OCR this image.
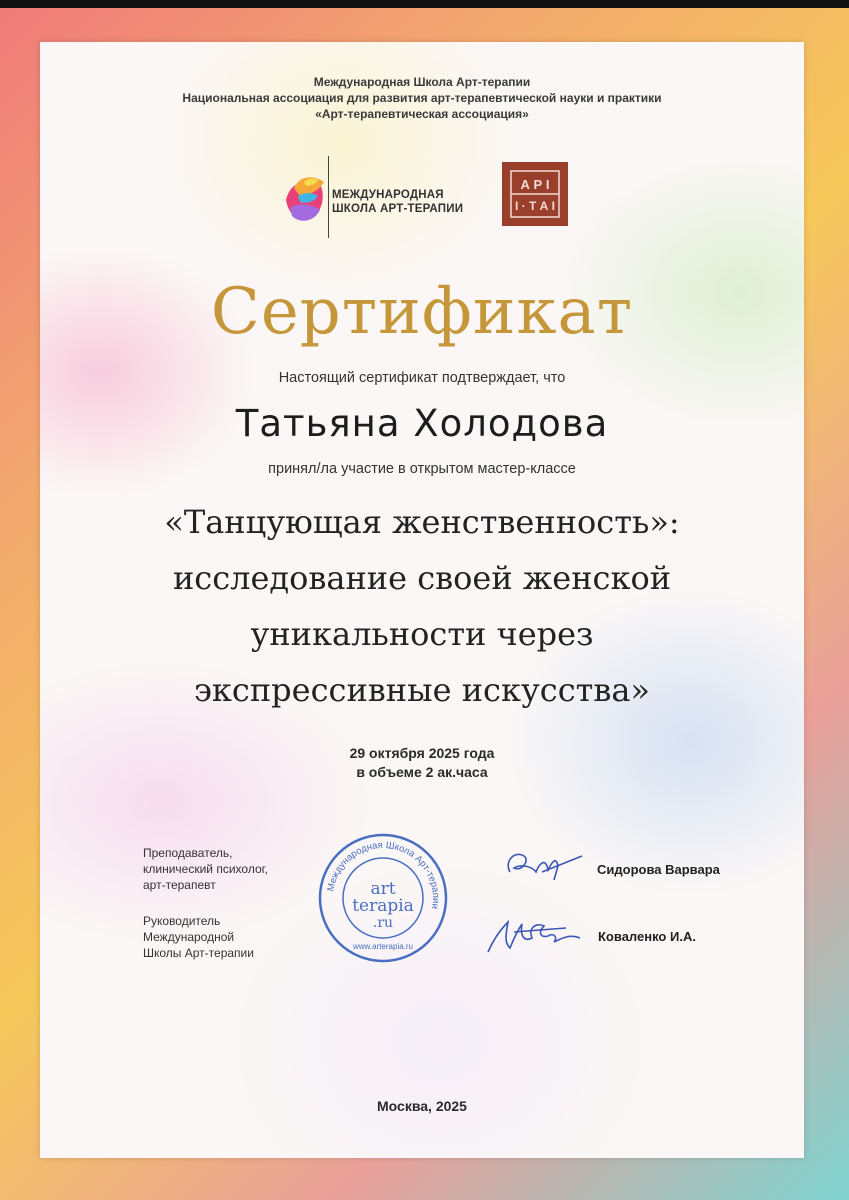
Международная Школа Арт-терапии
Национальная ассоциация для развития арт-терапевтической науки и практики
«Арт-терапевтическая ассоциация»
МЕЖДУНАРОДНАЯ
ШКОЛА АРТ-ТЕРАПИИ
А Р І
І · Т А І
Сертификат
Настоящий сертификат подтверждает, что
Татьяна Холодова
принял/ла участие в открытом мастер-классе
«Танцующая женственность»:
исследование своей женской
уникальности через
экспрессивные искусства»
29 октября 2025 года
в объеме 2 ак.часа
Преподаватель,
клинический психолог,
арт-терапевт
Руководитель
Международной
Школы Арт-терапии
Международная Школа Арт-терапии
art
terapia
.ru
www.arterapia.ru
Сидорова Варвара
Коваленко И.А.
Москва, 2025
